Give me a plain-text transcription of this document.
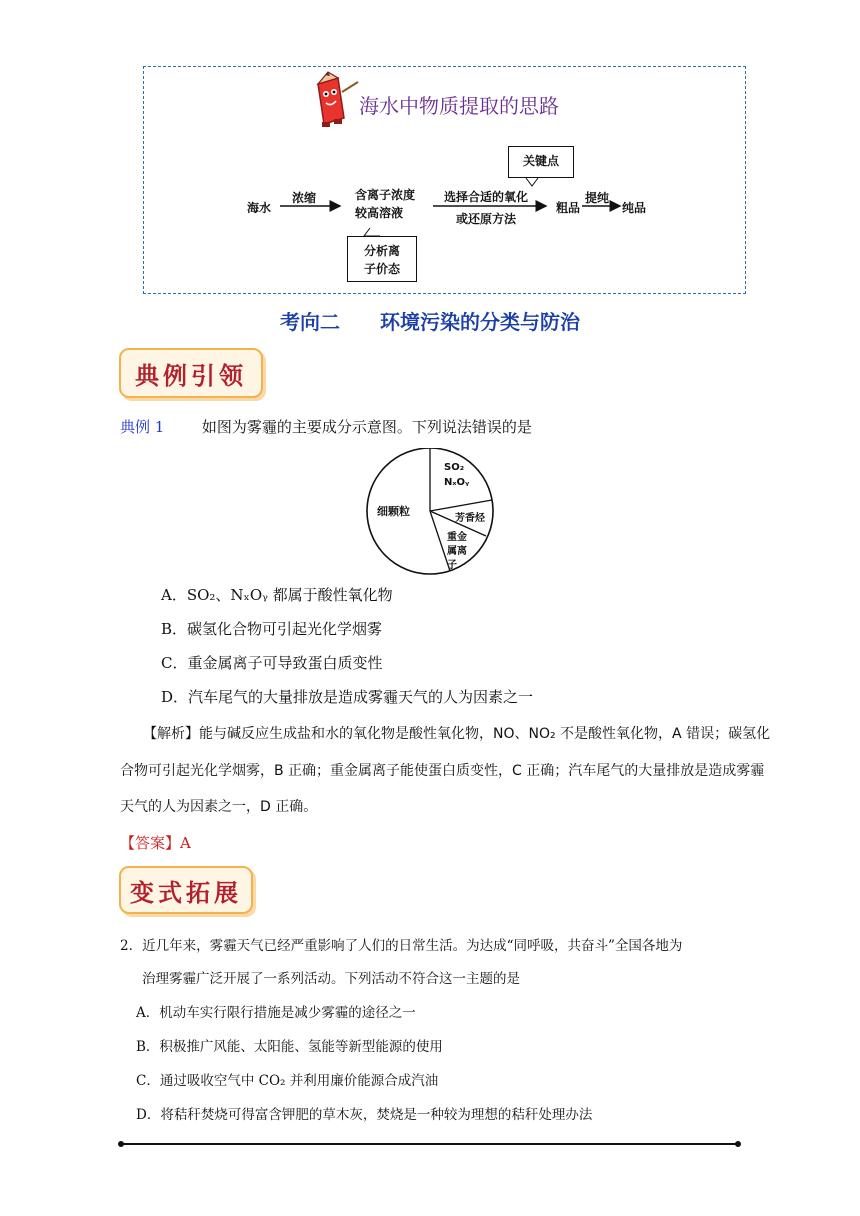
海水中物质提取的思路
海水
浓缩	含离子浓度
较高溶液
选择合适的氧化
或还原方法
粗品
提纯
纯品
关键点
分析离
子价态
考向二　　环境污染的分类与防治
典例引领
典例 1	如图为雾霾的主要成分示意图。下列说法错误的是
细颗粒
SO₂
NₓOᵧ
芳香烃
重金
属离
子
A．SO₂、NₓOᵧ 都属于酸性氧化物
B．碳氢化合物可引起光化学烟雾
C．重金属离子可导致蛋白质变性
D．汽车尾气的大量排放是造成雾霾天气的人为因素之一
【解析】能与碱反应生成盐和水的氧化物是酸性氧化物，NO、NO₂ 不是酸性氧化物，A 错误；碳氢化
合物可引起光化学烟雾，B 正确；重金属离子能使蛋白质变性，C 正确；汽车尾气的大量排放是造成雾霾
天气的人为因素之一，D 正确。
【答案】A
变式拓展
2．近几年来，雾霾天气已经严重影响了人们的日常生活。为达成“同呼吸，共奋斗”全国各地为
治理雾霾广泛开展了一系列活动。下列活动不符合这一主题的是
A．机动车实行限行措施是减少雾霾的途径之一
B．积极推广风能、太阳能、氢能等新型能源的使用
C．通过吸收空气中 CO₂ 并利用廉价能源合成汽油
D．将秸秆焚烧可得富含钾肥的草木灰，焚烧是一种较为理想的秸秆处理办法
